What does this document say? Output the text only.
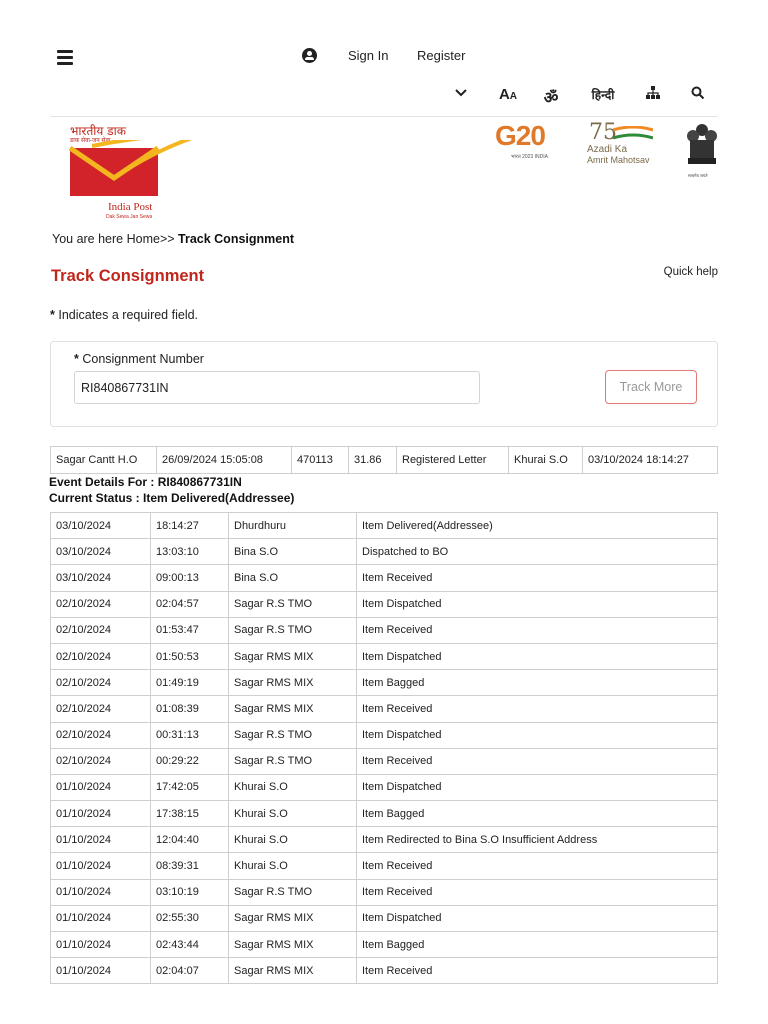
Sign In Register
AA ॐ	हिन्दी
भारतीय डाक
डाक सेवा-जन सेवा
India Post
Dak Sewa Jan Sewa
G20
भारत 2023 INDIA
75
Azadi Ka
Amrit Mahotsav
सत्यमेव जयते
You are here Home>> Track Consignment
Track Consignment	Quick help
* Indicates a required field.
* Consignment Number
RI840867731IN
Track More
Sagar Cantt H.O	26/09/2024 15:05:08	470113	31.86	Registered Letter	Khurai S.O	03/10/2024 18:14:27
Event Details For : RI840867731IN
Current Status : Item Delivered(Addressee)
03/10/2024	18:14:27	Dhurdhuru	Item Delivered(Addressee)
03/10/2024	13:03:10	Bina S.O	Dispatched to BO
03/10/2024	09:00:13	Bina S.O	Item Received
02/10/2024	02:04:57	Sagar R.S TMO	Item Dispatched
02/10/2024	01:53:47	Sagar R.S TMO	Item Received
02/10/2024	01:50:53	Sagar RMS MIX	Item Dispatched
02/10/2024	01:49:19	Sagar RMS MIX	Item Bagged
02/10/2024	01:08:39	Sagar RMS MIX	Item Received
02/10/2024	00:31:13	Sagar R.S TMO	Item Dispatched
02/10/2024	00:29:22	Sagar R.S TMO	Item Received
01/10/2024	17:42:05	Khurai S.O	Item Dispatched
01/10/2024	17:38:15	Khurai S.O	Item Bagged
01/10/2024	12:04:40	Khurai S.O	Item Redirected to Bina S.O Insufficient Address
01/10/2024	08:39:31	Khurai S.O	Item Received
01/10/2024	03:10:19	Sagar R.S TMO	Item Received
01/10/2024	02:55:30	Sagar RMS MIX	Item Dispatched
01/10/2024	02:43:44	Sagar RMS MIX	Item Bagged
01/10/2024	02:04:07	Sagar RMS MIX	Item Received
